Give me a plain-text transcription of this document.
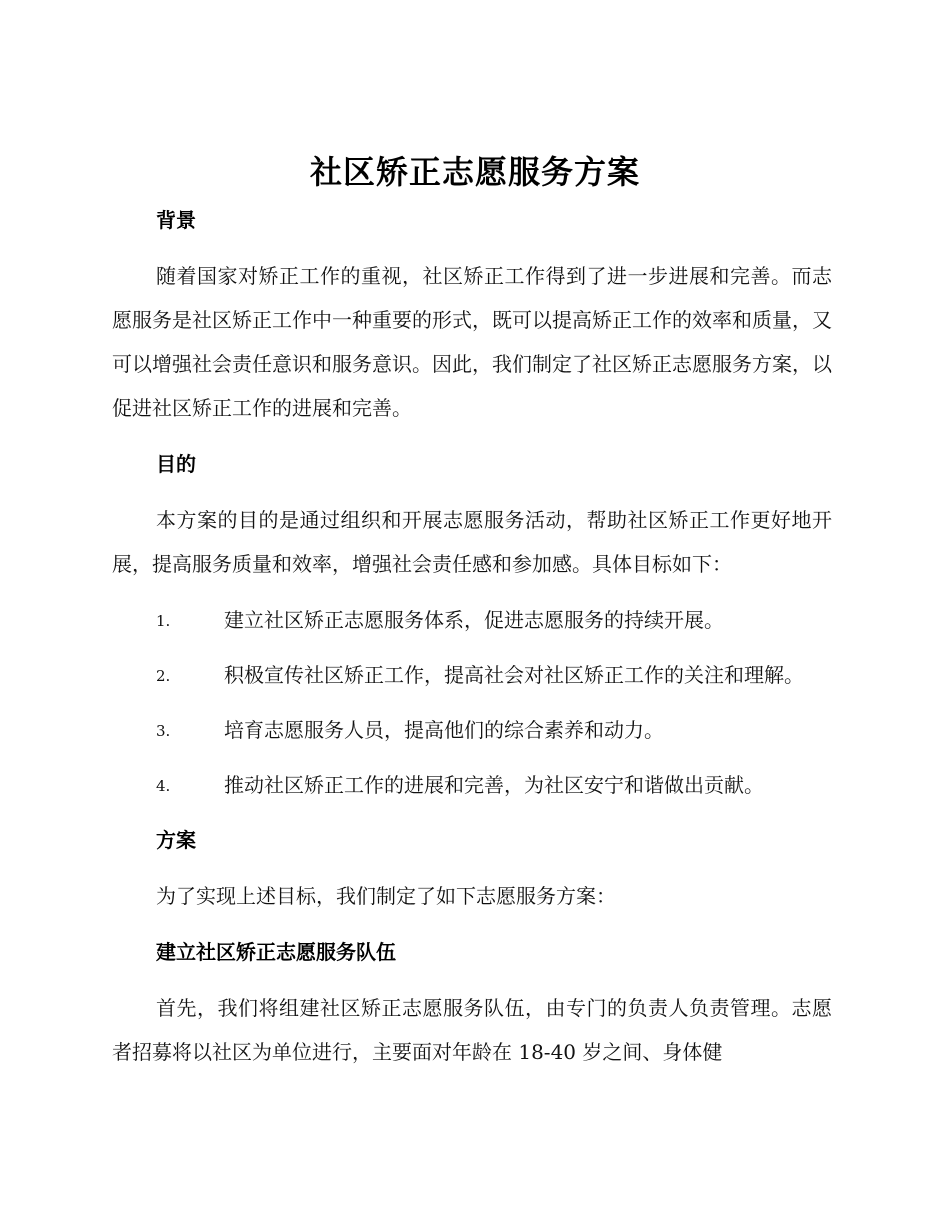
社区矫正志愿服务方案
背景

随着国家对矫正工作的重视，社区矫正工作得到了进一步进展和完善。而志愿服务是社区矫正工作中一种重要的形式，既可以提高矫正工作的效率和质量，又可以增强社会责任意识和服务意识。因此，我们制定了社区矫正志愿服务方案，以促进社区矫正工作的进展和完善。

目的

本方案的目的是通过组织和开展志愿服务活动，帮助社区矫正工作更好地开展，提高服务质量和效率，增强社会责任感和参加感。具体目标如下：

1.	建立社区矫正志愿服务体系，促进志愿服务的持续开展。
2.	积极宣传社区矫正工作，提高社会对社区矫正工作的关注和理解。
3.	培育志愿服务人员，提高他们的综合素养和动力。
4.	推动社区矫正工作的进展和完善，为社区安宁和谐做出贡献。
方案

为了实现上述目标，我们制定了如下志愿服务方案：

建立社区矫正志愿服务队伍

首先，我们将组建社区矫正志愿服务队伍，由专门的负责人负责管理。志愿者招募将以社区为单位进行，主要面对年龄在 18-40 岁之间、身体健
